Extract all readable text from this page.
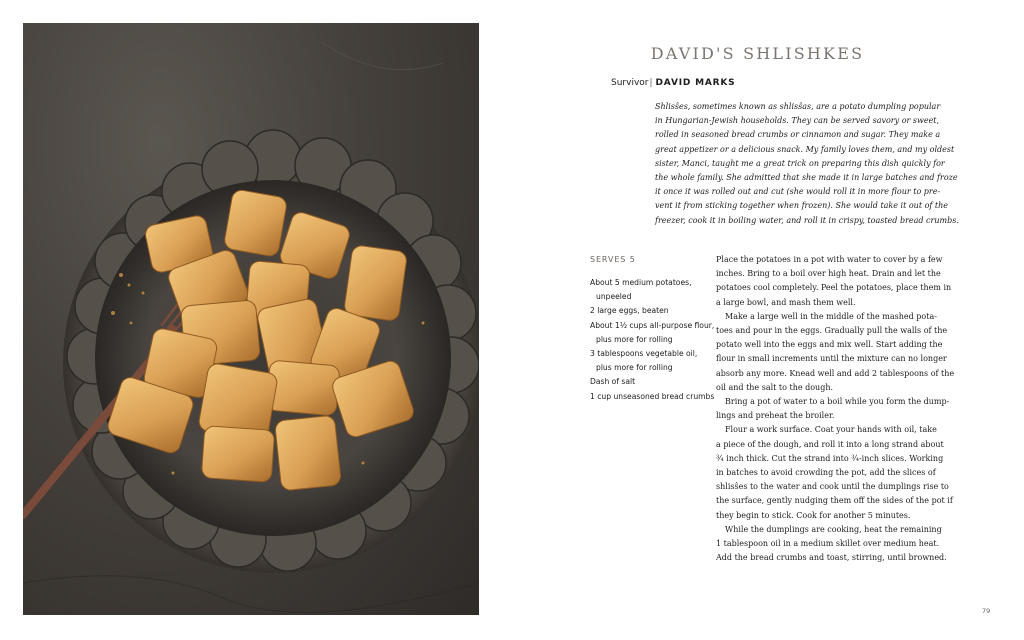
DAVID'S SHLISHKES
Survivor| DAVID MARKS
Shlisŝes, sometimes known as shlisŝas, are a potato dumpling popular
in Hungarian-Jewish households. They can be served savory or sweet,
rolled in seasoned bread crumbs or cinnamon and sugar. They make a
great appetizer or a delicious snack. My family loves them, and my oldest
sister, Manci, taught me a great trick on preparing this dish quickly for
the whole family. She admitted that she made it in large batches and froze
it once it was rolled out and cut (she would roll it in more flour to pre-
vent it from sticking together when frozen). She would take it out of the
freezer, cook it in boiling water, and roll it in crispy, toasted bread crumbs.
SERVES 5
About 5 medium potatoes,
unpeeled
2 large eggs, beaten
About 1½ cups all-purpose flour,
plus more for rolling
3 tablespoons vegetable oil,
plus more for rolling
Dash of salt
1 cup unseasoned bread crumbs
Place the potatoes in a pot with water to cover by a few
inches. Bring to a boil over high heat. Drain and let the
potatoes cool completely. Peel the potatoes, place them in
a large bowl, and mash them well.
Make a large well in the middle of the mashed pota-
toes and pour in the eggs. Gradually pull the walls of the
potato well into the eggs and mix well. Start adding the
flour in small increments until the mixture can no longer
absorb any more. Knead well and add 2 tablespoons of the
oil and the salt to the dough.
Bring a pot of water to a boil while you form the dump-
lings and preheat the broiler.
Flour a work surface. Coat your hands with oil, take
a piece of the dough, and roll it into a long strand about
¾ inch thick. Cut the strand into ¾-inch slices. Working
in batches to avoid crowding the pot, add the slices of
shlisŝes to the water and cook until the dumplings rise to
the surface, gently nudging them off the sides of the pot if
they begin to stick. Cook for another 5 minutes.
While the dumplings are cooking, heat the remaining
1 tablespoon oil in a medium skillet over medium heat.
Add the bread crumbs and toast, stirring, until browned.
79
